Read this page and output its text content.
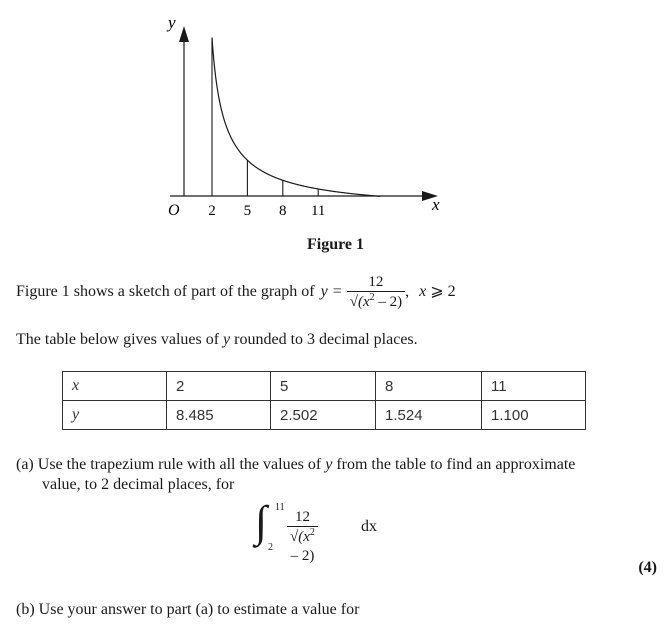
y
x
O 2 5 8 11
Figure 1
Figure 1 shows a sketch of part of the graph of $y = \frac{12}{√(x^2 - 2)}$ , x ⩾ 2
The table below gives values of y rounded to 3 decimal places.
x	2	5	8	11
y	8.485	2.502	1.524	1.100
(a) Use the trapezium rule with all the values of y from the table to find an approximate
value, to 2 decimal places, for
∫ 11
$2 \frac{12}{√(x^2 - 2)}$	dx
(4)
(b) Use your answer to part (a) to estimate a value for
